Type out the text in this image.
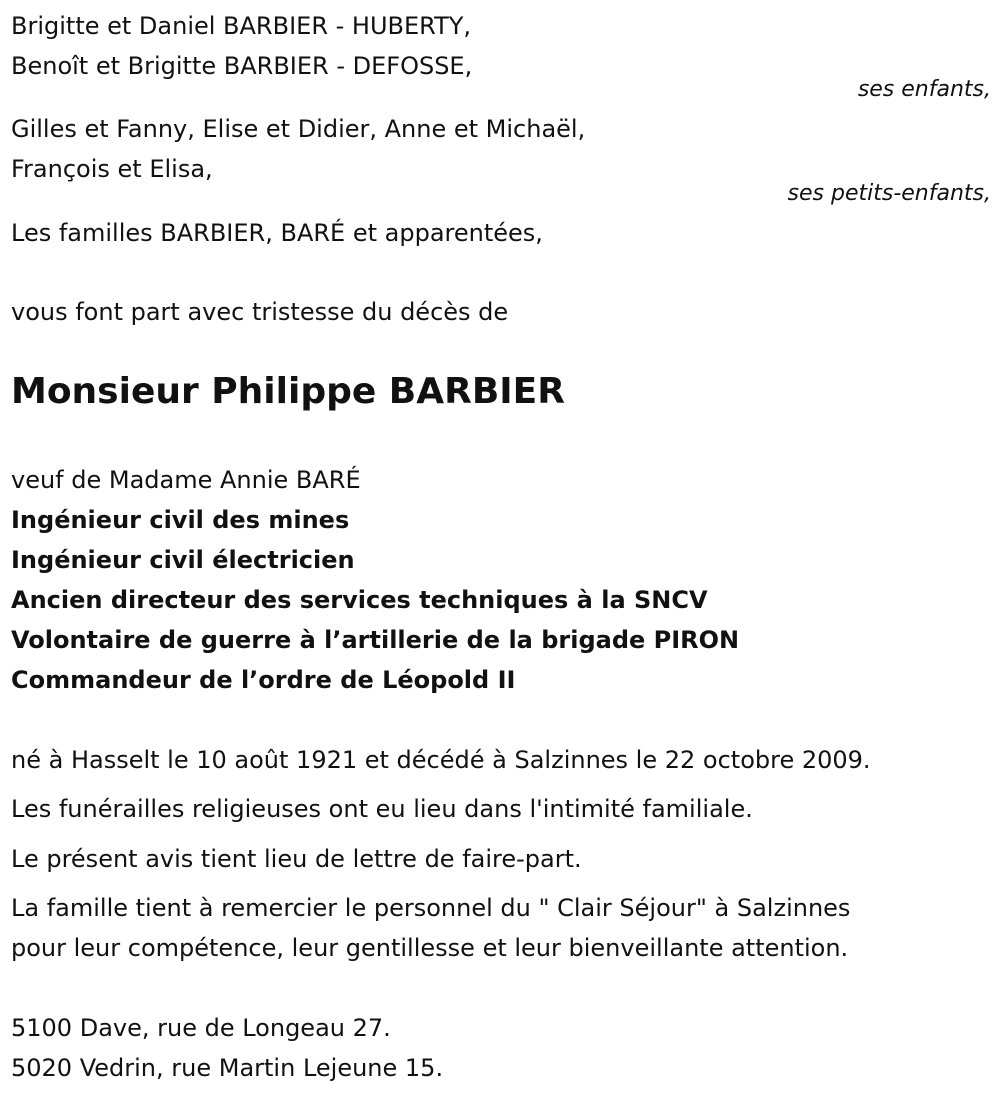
Brigitte et Daniel BARBIER - HUBERTY,
Benoît et Brigitte BARBIER - DEFOSSE,
ses enfants,
Gilles et Fanny, Elise et Didier, Anne et Michaël,
François et Elisa,
ses petits-enfants,
Les familles BARBIER, BARÉ et apparentées,
vous font part avec tristesse du décès de
Monsieur Philippe BARBIER
veuf de Madame Annie BARÉ
Ingénieur civil des mines
Ingénieur civil électricien
Ancien directeur des services techniques à la SNCV
Volontaire de guerre à l’artillerie de la brigade PIRON
Commandeur de l’ordre de Léopold II
né à Hasselt le 10 août 1921 et décédé à Salzinnes le 22 octobre 2009.
Les funérailles religieuses ont eu lieu dans l'intimité familiale.
Le présent avis tient lieu de lettre de faire-part.
La famille tient à remercier le personnel du " Clair Séjour" à Salzinnes
pour leur compétence, leur gentillesse et leur bienveillante attention.
5100 Dave, rue de Longeau 27.
5020 Vedrin, rue Martin Lejeune 15.
